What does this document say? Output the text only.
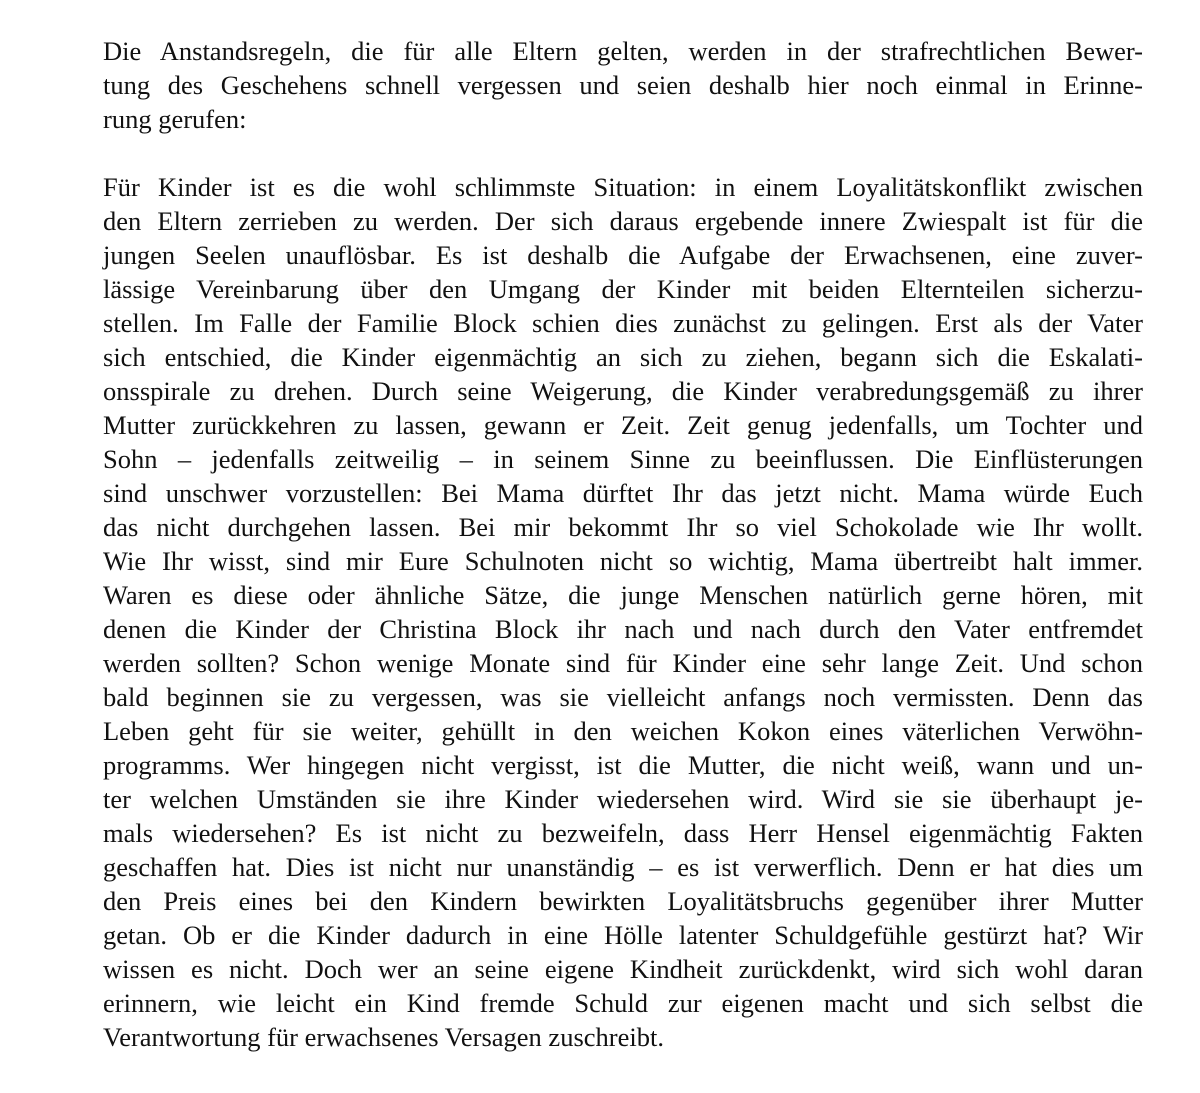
Die Anstandsregeln, die für alle Eltern gelten, werden in der strafrechtlichen Bewer-
tung des Geschehens schnell vergessen und seien deshalb hier noch einmal in Erinne-
rung gerufen:
Für Kinder ist es die wohl schlimmste Situation: in einem Loyalitätskonflikt zwischen
den Eltern zerrieben zu werden. Der sich daraus ergebende innere Zwiespalt ist für die
jungen Seelen unauflösbar. Es ist deshalb die Aufgabe der Erwachsenen, eine zuver-
lässige Vereinbarung über den Umgang der Kinder mit beiden Elternteilen sicherzu-
stellen. Im Falle der Familie Block schien dies zunächst zu gelingen. Erst als der Vater
sich entschied, die Kinder eigenmächtig an sich zu ziehen, begann sich die Eskalati-
onsspirale zu drehen. Durch seine Weigerung, die Kinder verabredungsgemäß zu ihrer
Mutter zurückkehren zu lassen, gewann er Zeit. Zeit genug jedenfalls, um Tochter und
Sohn – jedenfalls zeitweilig – in seinem Sinne zu beeinflussen. Die Einflüsterungen
sind unschwer vorzustellen: Bei Mama dürftet Ihr das jetzt nicht. Mama würde Euch
das nicht durchgehen lassen. Bei mir bekommt Ihr so viel Schokolade wie Ihr wollt.
Wie Ihr wisst, sind mir Eure Schulnoten nicht so wichtig, Mama übertreibt halt immer.
Waren es diese oder ähnliche Sätze, die junge Menschen natürlich gerne hören, mit
denen die Kinder der Christina Block ihr nach und nach durch den Vater entfremdet
werden sollten? Schon wenige Monate sind für Kinder eine sehr lange Zeit. Und schon
bald beginnen sie zu vergessen, was sie vielleicht anfangs noch vermissten. Denn das
Leben geht für sie weiter, gehüllt in den weichen Kokon eines väterlichen Verwöhn-
programms. Wer hingegen nicht vergisst, ist die Mutter, die nicht weiß, wann und un-
ter welchen Umständen sie ihre Kinder wiedersehen wird. Wird sie sie überhaupt je-
mals wiedersehen? Es ist nicht zu bezweifeln, dass Herr Hensel eigenmächtig Fakten
geschaffen hat. Dies ist nicht nur unanständig – es ist verwerflich. Denn er hat dies um
den Preis eines bei den Kindern bewirkten Loyalitätsbruchs gegenüber ihrer Mutter
getan. Ob er die Kinder dadurch in eine Hölle latenter Schuldgefühle gestürzt hat? Wir
wissen es nicht. Doch wer an seine eigene Kindheit zurückdenkt, wird sich wohl daran
erinnern, wie leicht ein Kind fremde Schuld zur eigenen macht und sich selbst die
Verantwortung für erwachsenes Versagen zuschreibt.
